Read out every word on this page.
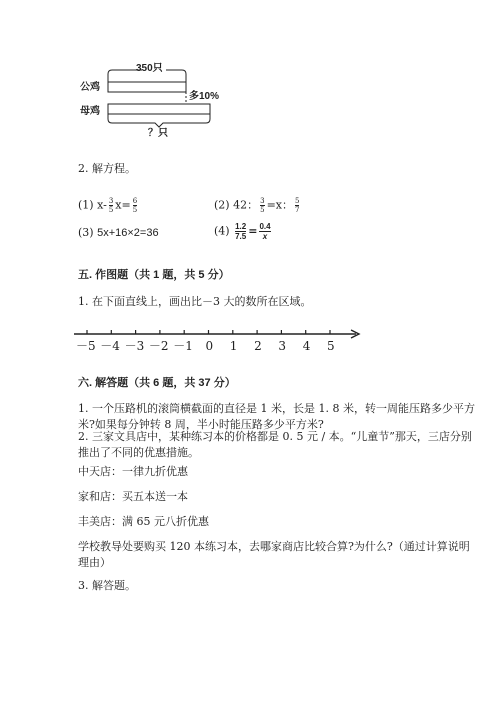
350只
公鸡
母鸡
多10%
？只
2. 解方程。
(1) $x- \frac{3}{5} x= \frac{6}{5}$	(2) 42： $\frac{3}{5} =x$： $\frac{5}{7}$
(3) 5x+16×2=36	$(4) \frac{1.2}{7.5} = \frac{0.4}{x}$
五. 作图题（共 1 题，共 5 分）
1. 在下面直线上，画出比－3 大的数所在区域。
－5 －4 －3 －2 －1 0 1 2 3 4 5
六. 解答题（共 6 题，共 37 分）
1. 一个压路机的滚筒横截面的直径是 1 米，长是 1. 8 米，转一周能压路多少平方米?如果每分钟转 8 周，半小时能压路多少平方米?
2. 三家文具店中，某种练习本的价格都是 0. 5 元 / 本。“儿童节”那天，三店分别推出了不同的优惠措施。
中天店：一律九折优惠
家和店：买五本送一本
丰美店：满 65 元八折优惠
学校教导处要购买 120 本练习本，去哪家商店比较合算?为什么?（通过计算说明理由）
3. 解答题。
